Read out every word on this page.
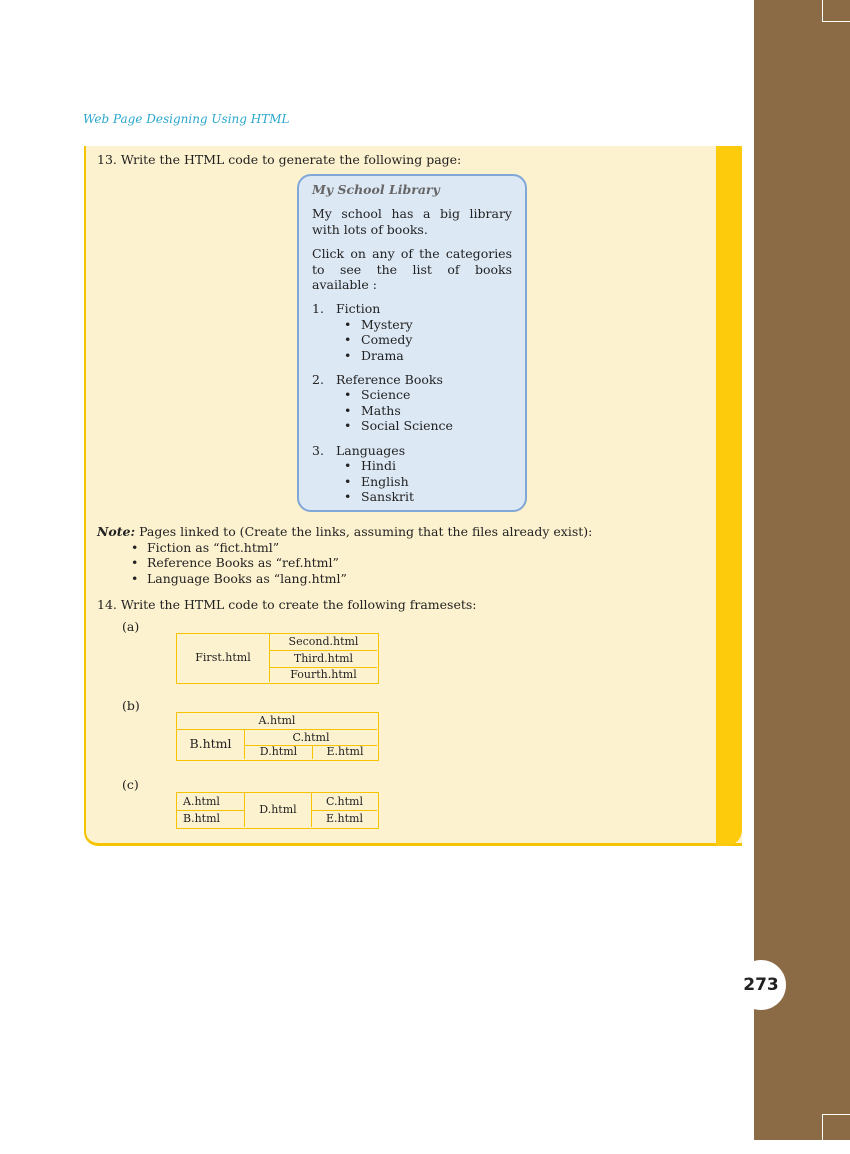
273
Web Page Designing Using HTML
13. Write the HTML code to generate the following page:
My School Library
My school has a big library with lots of books.
Click on any of the categories to see the list of books available :
1. Fiction
• Mystery
• Comedy
• Drama
2. Reference Books
• Science
• Maths
• Social Science
3. Languages
• Hindi
• English
• Sanskrit
Note: Pages linked to (Create the links, assuming that the files already exist):
• Fiction as “fict.html”
• Reference Books as “ref.html”
• Language Books as “lang.html”
14. Write the HTML code to create the following framesets:
(a)
First.html
Second.html
Third.html
Fourth.html
(b)
A.html
B.html	C.html
D.html	E.html
(c)
A.html
B.html
D.html
C.html
E.html
